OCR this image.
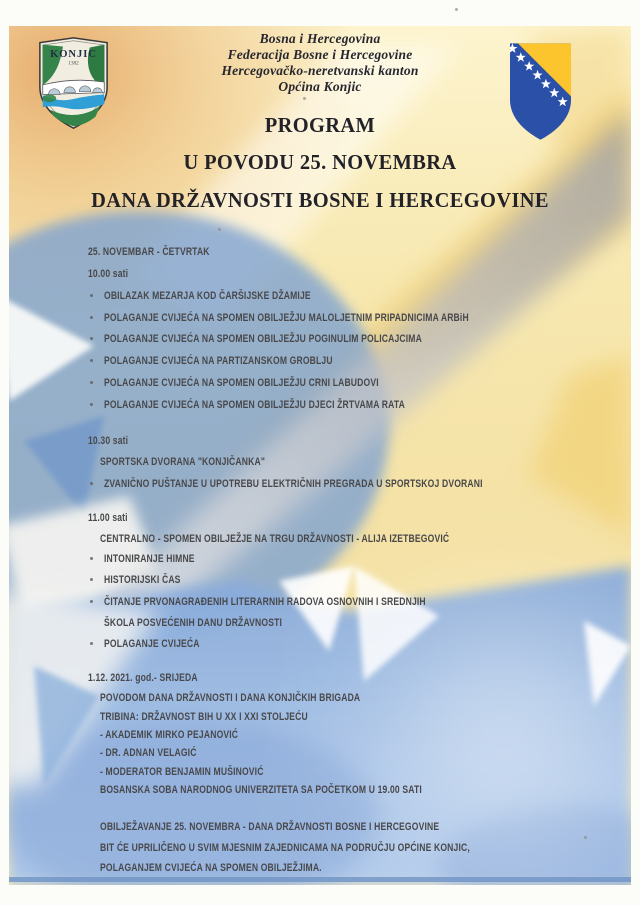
KONJIC
1382
Bosna i Hercegovina
Federacija Bosne i Hercegovine
Hercegovačko-neretvanski kanton
Općina Konjic
PROGRAM
U POVODU 25. NOVEMBRA
DANA DRŽAVNOSTI BOSNE I HERCEGOVINE
25. NOVEMBAR - ČETVRTAK
10.00 sati
OBILAZAK MEZARJA KOD ČARŠIJSKE DŽAMIJE
POLAGANJE CVIJEĆA NA SPOMEN OBILJEŽJU MALOLJETNIM PRIPADNICIMA ARBiH
POLAGANJE CVIJEĆA NA SPOMEN OBILJEŽJU POGINULIM POLICAJCIMA
POLAGANJE CVIJEĆA NA PARTIZANSKOM GROBLJU
POLAGANJE CVIJEĆA NA SPOMEN OBILJEŽJU CRNI LABUDOVI
POLAGANJE CVIJEĆA NA SPOMEN OBILJEŽJU DJECI ŽRTVAMA RATA
10.30 sati
SPORTSKA DVORANA "KONJIČANKA"
ZVANIČNO PUŠTANJE U UPOTREBU ELEKTRIČNIH PREGRADA U SPORTSKOJ DVORANI
11.00 sati
CENTRALNO - SPOMEN OBILJEŽJE NA TRGU DRŽAVNOSTI - ALIJA IZETBEGOVIĆ
INTONIRANJE HIMNE
HISTORIJSKI ČAS
ČITANJE PRVONAGRAĐENIH LITERARNIH RADOVA OSNOVNIH I SREDNJIH
ŠKOLA POSVEĆENIH DANU DRŽAVNOSTI
POLAGANJE CVIJEĆA
1.12. 2021. god.- SRIJEDA
POVODOM DANA DRŽAVNOSTI I DANA KONJIČKIH BRIGADA
TRIBINA: DRŽAVNOST BIH U XX I XXI STOLJEĆU
- AKADEMIK MIRKO PEJANOVIĆ
- DR. ADNAN VELAGIĆ
- MODERATOR BENJAMIN MUŠINOVIĆ
BOSANSKA SOBA NARODNOG UNIVERZITETA SA POČETKOM U 19.00 SATI
OBILJEŽAVANJE 25. NOVEMBRA - DANA DRŽAVNOSTI BOSNE I HERCEGOVINE
BIT ĆE UPRILIČENO U SVIM MJESNIM ZAJEDNICAMA NA PODRUČJU OPĆINE KONJIC,
POLAGANJEM CVIJEĆA NA SPOMEN OBILJEŽJIMA.
